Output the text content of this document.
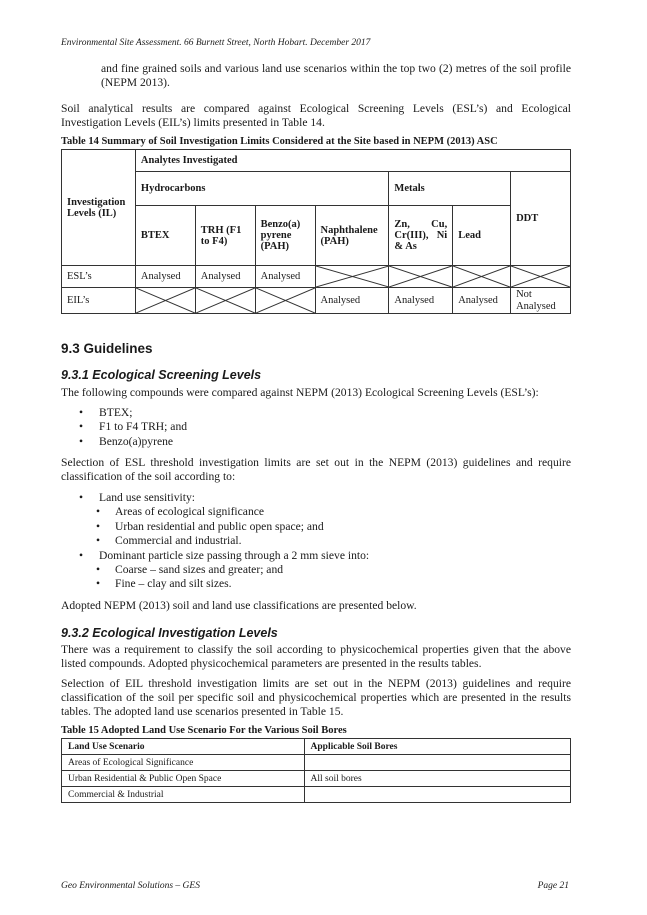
Environmental Site Assessment. 66 Burnett Street, North Hobart. December 2017

and fine grained soils and various land use scenarios within the top two (2) metres of the soil profile (NEPM 2013).

Soil analytical results are compared against Ecological Screening Levels (ESL’s) and Ecological Investigation Levels (EIL’s) limits presented in Table 14.

Table 14 Summary of Soil Investigation Limits Considered at the Site based in NEPM (2013) ASC
Investigation Levels (IL)	Analytes Investigated						
	Hydrocarbons				Metals		DDT
	BTEX	TRH (F1 to F4)	Benzo(a) pyrene (PAH)	Naphthalene (PAH)	Zn, Cu, Cr(III), Ni & As	Lead	
ESL’s	Analysed	Analysed	Analysed	

EIL’s				Analysed	Analysed	Analysed	Not Analysed
9.3 Guidelines
9.3.1 Ecological Screening Levels

The following compounds were compared against NEPM (2013) Ecological Screening Levels (ESL’s):

• BTEX;
• F1 to F4 TRH; and
• Benzo(a)pyrene

Selection of ESL threshold investigation limits are set out in the NEPM (2013) guidelines and require classification of the soil according to:

• Land use sensitivity:
• Areas of ecological significance
• Urban residential and public open space; and
• Commercial and industrial.
• Dominant particle size passing through a 2 mm sieve into:
• Coarse – sand sizes and greater; and
• Fine – clay and silt sizes.

Adopted NEPM (2013) soil and land use classifications are presented below.

9.3.2 Ecological Investigation Levels

There was a requirement to classify the soil according to physicochemical properties given that the above listed compounds. Adopted physicochemical parameters are presented in the results tables.

Selection of EIL threshold investigation limits are set out in the NEPM (2013) guidelines and require classification of the soil per specific soil and physicochemical properties which are presented in the results tables. The adopted land use scenarios presented in Table 15.

Table 15 Adopted Land Use Scenario For the Various Soil Bores
Land Use Scenario	Applicable Soil Bores
Areas of Ecological Significance	
Urban Residential & Public Open Space	All soil bores
Commercial & Industrial	
Geo Environmental Solutions – GES	Page 21
